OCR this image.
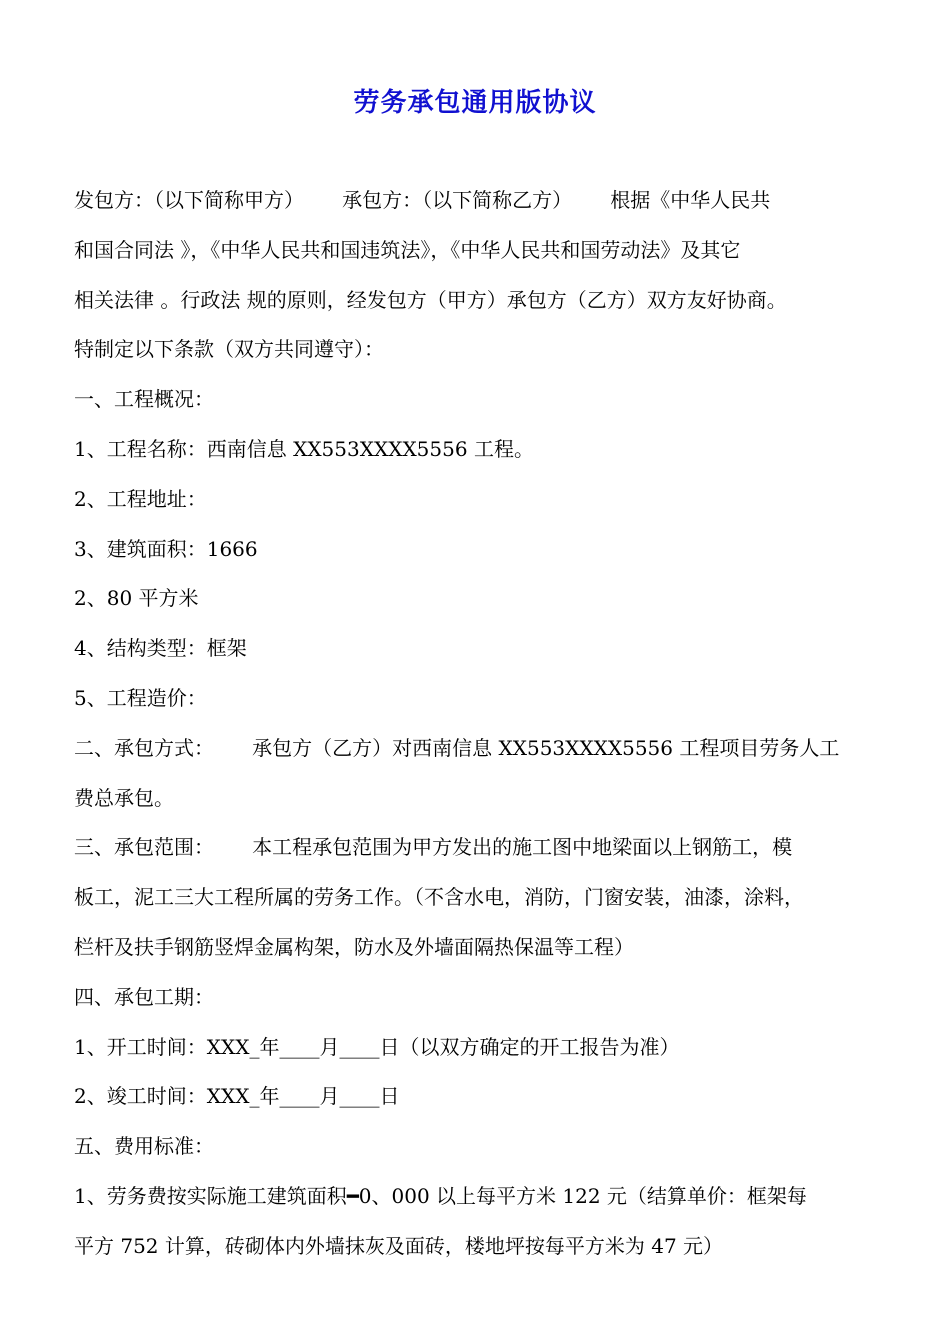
劳务承包通用版协议
发包方：（以下简称甲方）      承包方：（以下简称乙方）      根据《中华人民共
和国合同法 》，《中华人民共和国违筑法》，《中华人民共和国劳动法》及其它
相关法律 。行政法 规的原则，经发包方（甲方）承包方（乙方）双方友好协商。
特制定以下条款（双方共同遵守）：
一、工程概况：
1、工程名称：西南信息 XX553XXXX5556 工程。
2、工程地址：
3、建筑面积：1666
2、80 平方米
4、结构类型：框架
5、工程造价：
二、承包方式：      承包方（乙方）对西南信息 XX553XXXX5556 工程项目劳务人工
费总承包。
三、承包范围：      本工程承包范围为甲方发出的施工图中地梁面以上钢筋工，模
板工，泥工三大工程所属的劳务工作。（不含水电，消防，门窗安装，油漆，涂料，
栏杆及扶手钢筋竖焊金属构架，防水及外墙面隔热保温等工程）
四、承包工期：
1、开工时间：XXX_年____月____日（以双方确定的开工报告为准）
2、竣工时间：XXX_年____月____日
五、费用标准：
1、劳务费按实际施工建筑面积━0、000 以上每平方米 122 元（结算单价：框架每
平方 752 计算，砖砌体内外墙抹灰及面砖，楼地坪按每平方米为 47 元）
